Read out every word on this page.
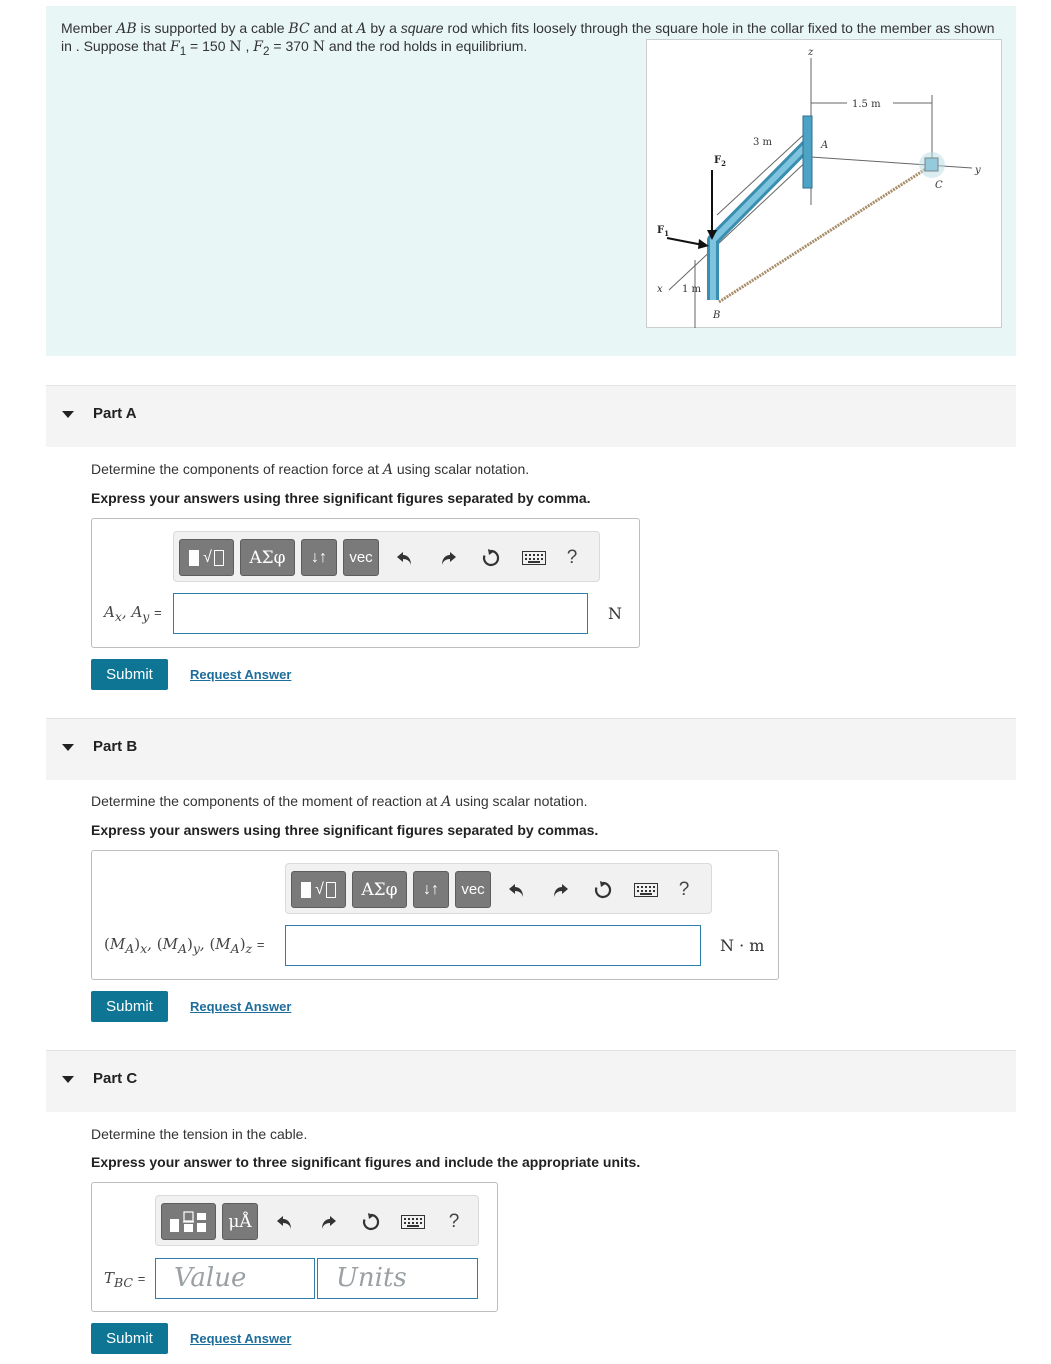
Member AB is supported by a cable BC and at A by a square rod which fits loosely through the square hole in the collar fixed to the member as shown in . Suppose that $F_1 = 150$ N , $F_2 = 370$ N and the rod holds in equilibrium.	z
y
x
1.5 m
3 m
1 m
C
A
B
$F_2$
$F_1$
Part A
Determine the components of reaction force at A using scalar notation.
Express your answers using three significant figures separated by comma.
√	ΑΣφ	↓↑	vec	?
$A_x$, $A_y$ =	N
Submit	Request Answer
Part B
Determine the components of the moment of reaction at A using scalar notation.
Express your answers using three significant figures separated by commas.
√	ΑΣφ	↓↑	vec	?
$(M_A)_x$, $(M_A)_y$, $(M_A)_z$ =	N · m
Submit	Request Answer
Part C
Determine the tension in the cable.
Express your answer to three significant figures and include the appropriate units.
μÅ	?
$T_{BC}$ =	Value	Units
Submit	Request Answer
